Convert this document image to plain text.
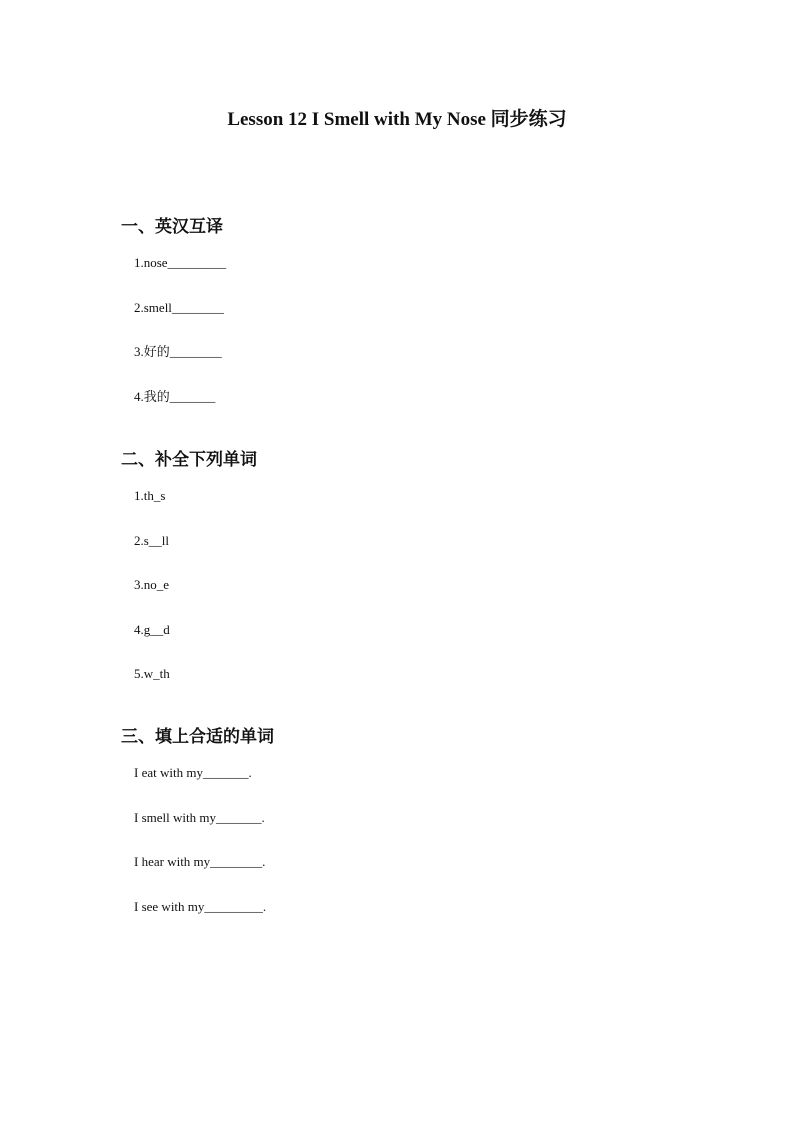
Lesson 12 I Smell with My Nose 同步练习
一、英汉互译
1.nose_________
2.smell________
3.好的________
4.我的_______
二、补全下列单词
1.th_s
2.s__ll
3.no_e
4.g__d
5.w_th
三、填上合适的单词
I eat with my_______.
I smell with my_______.
I hear with my________.
I see with my_________.
